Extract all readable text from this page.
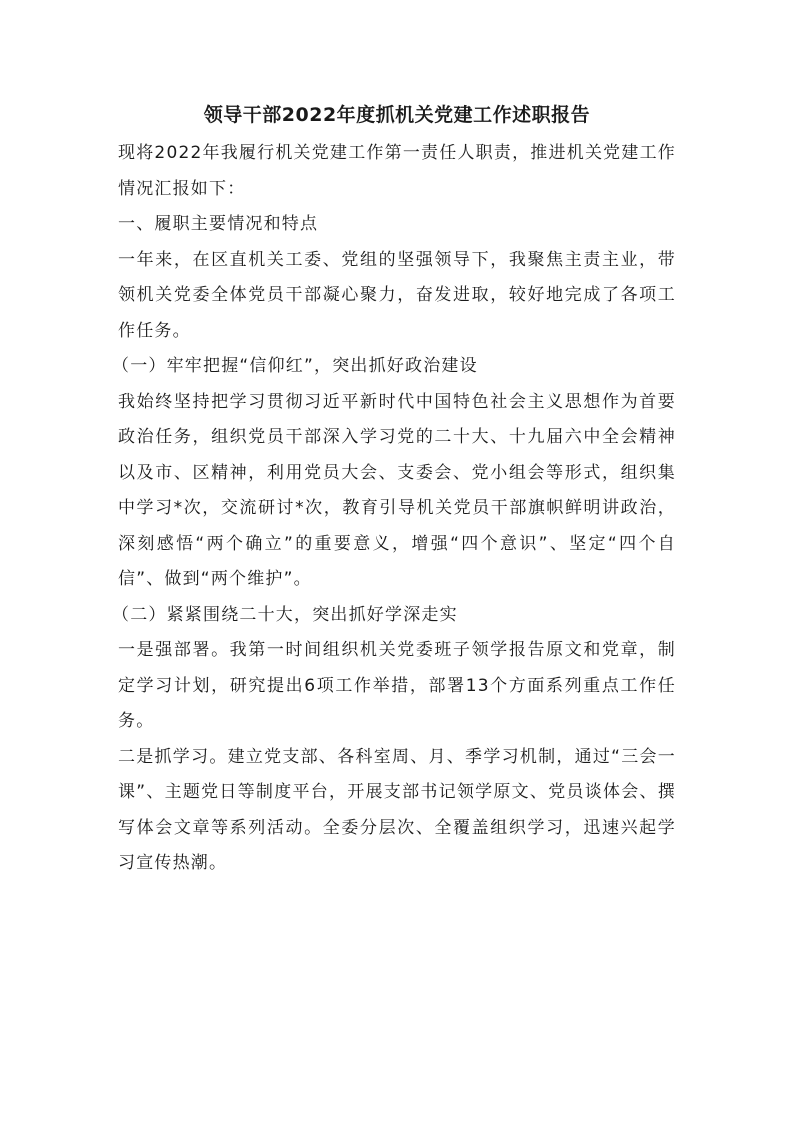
领导干部2022年度抓机关党建工作述职报告

现将2022年我履行机关党建工作第一责任人职责，推进机关党建工作情况汇报如下：

一、履职主要情况和特点

一年来，在区直机关工委、党组的坚强领导下，我聚焦主责主业，带领机关党委全体党员干部凝心聚力，奋发进取，较好地完成了各项工作任务。

（一）牢牢把握“信仰红”，突出抓好政治建设

我始终坚持把学习贯彻习近平新时代中国特色社会主义思想作为首要政治任务，组织党员干部深入学习党的二十大、十九届六中全会精神以及市、区精神，利用党员大会、支委会、党小组会等形式，组织集中学习*次，交流研讨*次，教育引导机关党员干部旗帜鲜明讲政治，深刻感悟“两个确立”的重要意义，增强“四个意识”、坚定“四个自信”、做到“两个维护”。

（二）紧紧围绕二十大，突出抓好学深走实

一是强部署。我第一时间组织机关党委班子领学报告原文和党章，制定学习计划，研究提出6项工作举措，部署13个方面系列重点工作任务。

二是抓学习。建立党支部、各科室周、月、季学习机制，通过“三会一课”、主题党日等制度平台，开展支部书记领学原文、党员谈体会、撰写体会文章等系列活动。全委分层次、全覆盖组织学习，迅速兴起学习宣传热潮。
